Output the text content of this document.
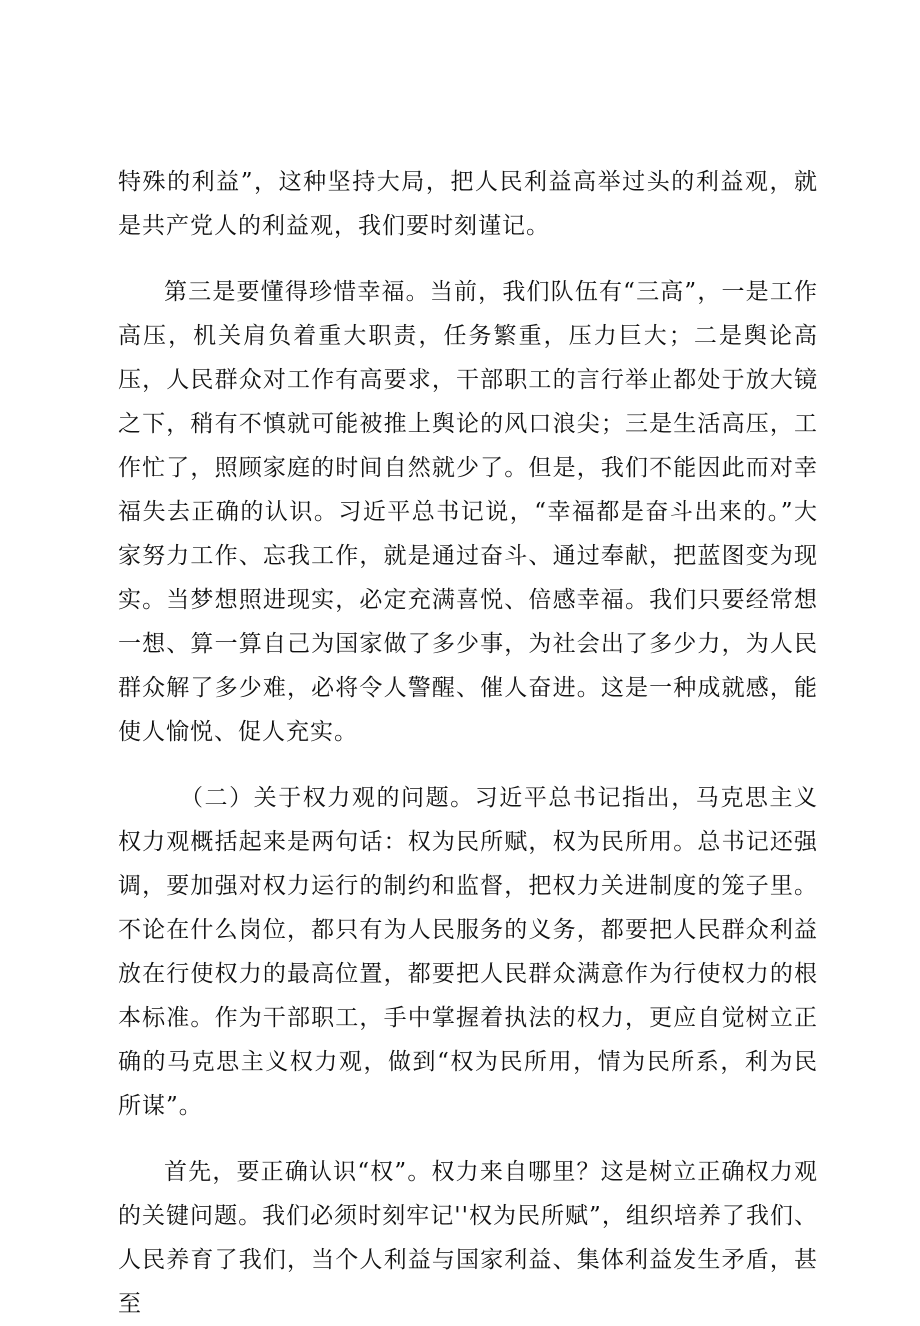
特殊的利益”，这种坚持大局，把人民利益高举过头的利益观，就是共产党人的利益观，我们要时刻谨记。

第三是要懂得珍惜幸福。当前，我们队伍有“三高”，一是工作高压，机关肩负着重大职责，任务繁重，压力巨大；二是舆论高压，人民群众对工作有高要求，干部职工的言行举止都处于放大镜之下，稍有不慎就可能被推上舆论的风口浪尖；三是生活高压，工作忙了，照顾家庭的时间自然就少了。但是，我们不能因此而对幸福失去正确的认识。习近平总书记说，“幸福都是奋斗出来的。”大家努力工作、忘我工作，就是通过奋斗、通过奉献，把蓝图变为现实。当梦想照进现实，必定充满喜悦、倍感幸福。我们只要经常想一想、算一算自己为国家做了多少事，为社会出了多少力，为人民群众解了多少难，必将令人警醒、催人奋进。这是一种成就感，能使人愉悦、促人充实。

（二）关于权力观的问题。习近平总书记指出，马克思主义权力观概括起来是两句话：权为民所赋，权为民所用。总书记还强调，要加强对权力运行的制约和监督，把权力关进制度的笼子里。不论在什么岗位，都只有为人民服务的义务，都要把人民群众利益放在行使权力的最高位置，都要把人民群众满意作为行使权力的根本标准。作为干部职工，手中掌握着执法的权力，更应自觉树立正确的马克思主义权力观，做到“权为民所用，情为民所系，利为民所谋”。

首先，要正确认识“权”。权力来自哪里？这是树立正确权力观的关键问题。我们必须时刻牢记''权为民所赋”，组织培养了我们、人民养育了我们，当个人利益与国家利益、集体利益发生矛盾，甚至
